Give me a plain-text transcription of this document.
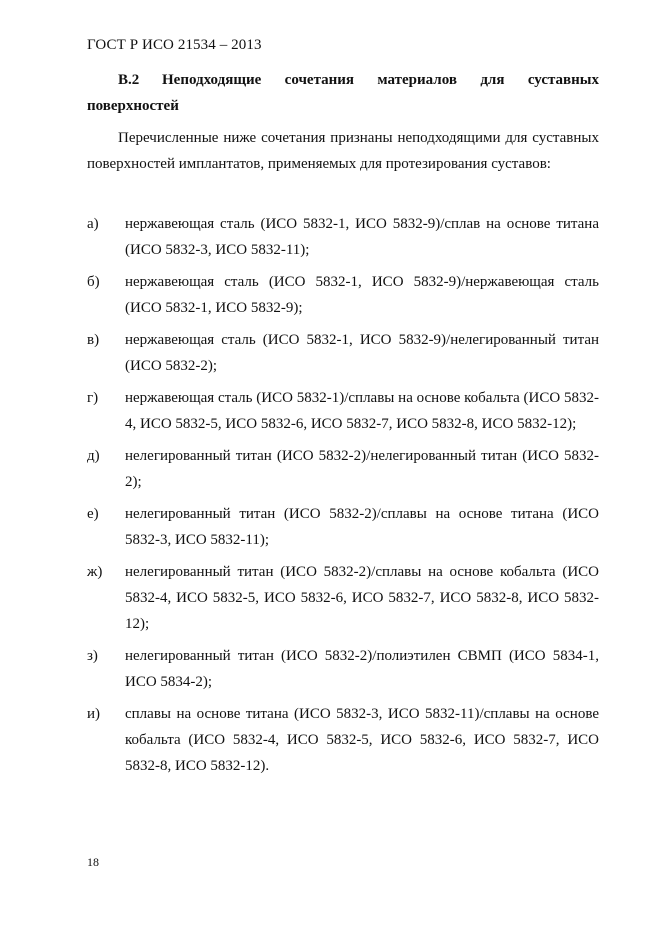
ГОСТ Р ИСО 21534 – 2013
В.2 Неподходящие сочетания материалов для суставных поверхностей
Перечисленные ниже сочетания признаны неподходящими для суставных поверхностей имплантатов, применяемых для протезирования суставов:
а) нержавеющая сталь (ИСО 5832-1, ИСО 5832-9)/сплав на основе титана (ИСО 5832-3, ИСО 5832-11);
б) нержавеющая сталь (ИСО 5832-1, ИСО 5832-9)/нержавеющая сталь (ИСО 5832-1, ИСО 5832-9);
в) нержавеющая сталь (ИСО 5832-1, ИСО 5832-9)/нелегированный титан (ИСО 5832-2);
г) нержавеющая сталь (ИСО 5832-1)/сплавы на основе кобальта (ИСО 5832-4, ИСО 5832-5, ИСО 5832-6, ИСО 5832-7, ИСО 5832-8, ИСО 5832-12);
д) нелегированный титан (ИСО 5832-2)/нелегированный титан (ИСО 5832-2);
е) нелегированный титан (ИСО 5832-2)/сплавы на основе титана (ИСО 5832-3, ИСО 5832-11);
ж) нелегированный титан (ИСО 5832-2)/сплавы на основе кобальта (ИСО 5832-4, ИСО 5832-5, ИСО 5832-6, ИСО 5832-7, ИСО 5832-8, ИСО 5832-12);
з) нелегированный титан (ИСО 5832-2)/полиэтилен СВМП (ИСО 5834-1, ИСО 5834-2);
и) сплавы на основе титана (ИСО 5832-3, ИСО 5832-11)/сплавы на основе кобальта (ИСО 5832-4, ИСО 5832-5, ИСО 5832-6, ИСО 5832-7, ИСО 5832-8, ИСО 5832-12).
18
